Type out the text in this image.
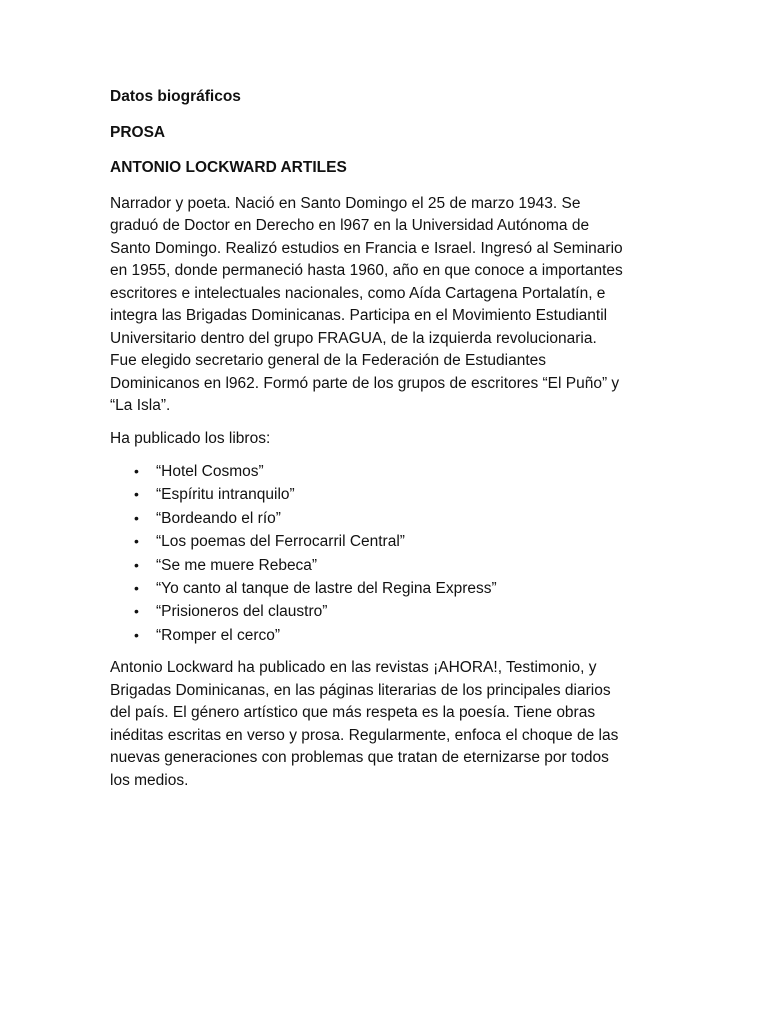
Datos biográficos
PROSA
ANTONIO LOCKWARD ARTILES
Narrador y poeta. Nació en Santo Domingo el 25 de marzo 1943. Se
graduó de Doctor en Derecho en l967 en la Universidad Autónoma de
Santo Domingo. Realizó estudios en Francia e Israel. Ingresó al Seminario
en 1955, donde permaneció hasta 1960, año en que conoce a importantes
escritores e intelectuales nacionales, como Aída Cartagena Portalatín, e
integra las Brigadas Dominicanas. Participa en el Movimiento Estudiantil
Universitario dentro del grupo FRAGUA, de la izquierda revolucionaria.
Fue elegido secretario general de la Federación de Estudiantes
Dominicanos en l962. Formó parte de los grupos de escritores “El Puño” y
“La Isla”.
Ha publicado los libros:
• “Hotel Cosmos”
• “Espíritu intranquilo”
• “Bordeando el río”
• “Los poemas del Ferrocarril Central”
• “Se me muere Rebeca”
• “Yo canto al tanque de lastre del Regina Express”
• “Prisioneros del claustro”
• “Romper el cerco”
Antonio Lockward ha publicado en las revistas ¡AHORA!, Testimonio, y
Brigadas Dominicanas, en las páginas literarias de los principales diarios
del país. El género artístico que más respeta es la poesía. Tiene obras
inéditas escritas en verso y prosa. Regularmente, enfoca el choque de las
nuevas generaciones con problemas que tratan de eternizarse por todos
los medios.
